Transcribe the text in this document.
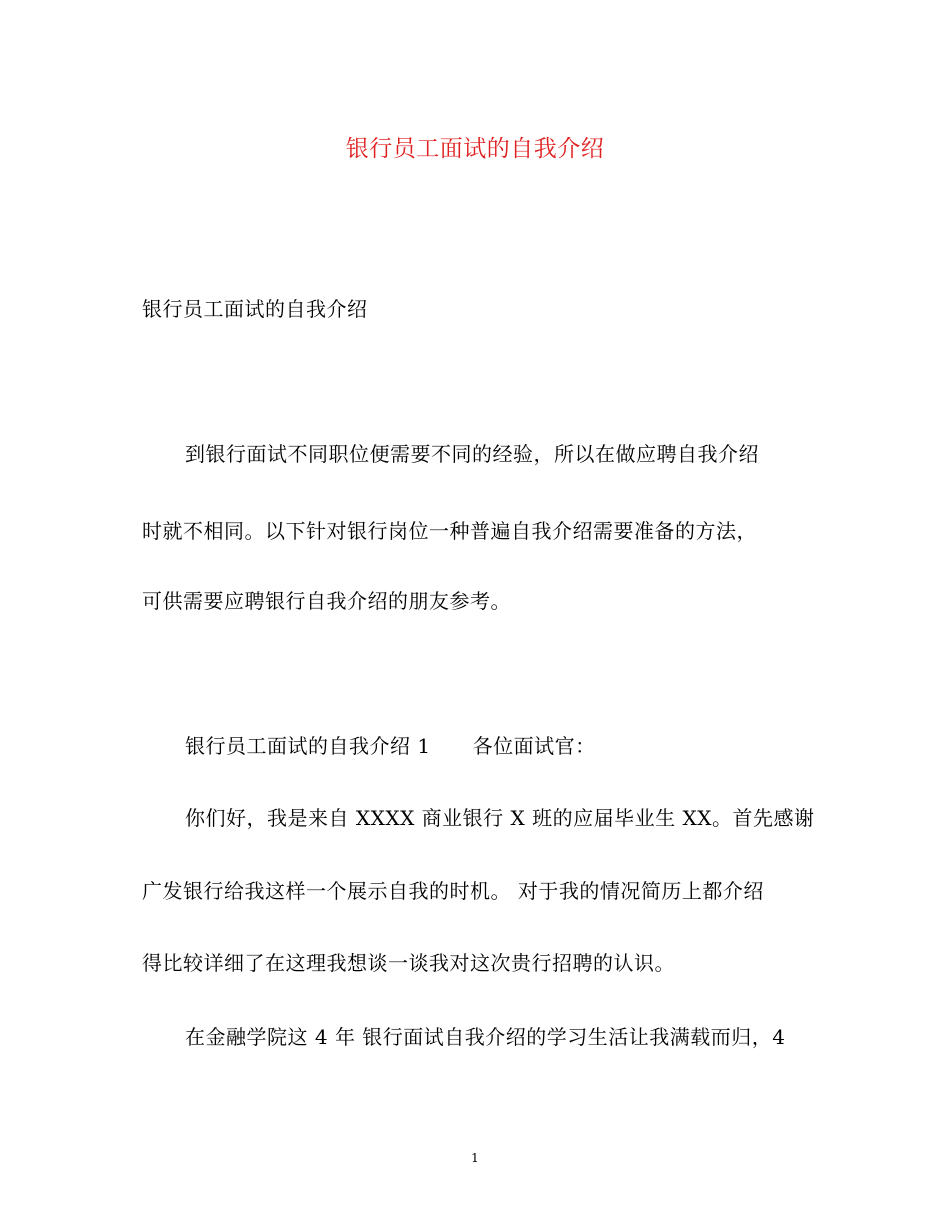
银行员工面试的自我介绍
银行员工面试的自我介绍
到银行面试不同职位便需要不同的经验，所以在做应聘自我介绍
时就不相同。以下针对银行岗位一种普遍自我介绍需要准备的方法，
可供需要应聘银行自我介绍的朋友参考。
银行员工面试的自我介绍 1 各位面试官：
你们好，我是来自 XXXX 商业银行 X 班的应届毕业生 XX。首先感谢
广发银行给我这样一个展示自我的时机。 对于我的情况简历上都介绍
得比较详细了在这理我想谈一谈我对这次贵行招聘的认识。
在金融学院这 4 年 银行面试自我介绍的学习生活让我满载而归，4
1
